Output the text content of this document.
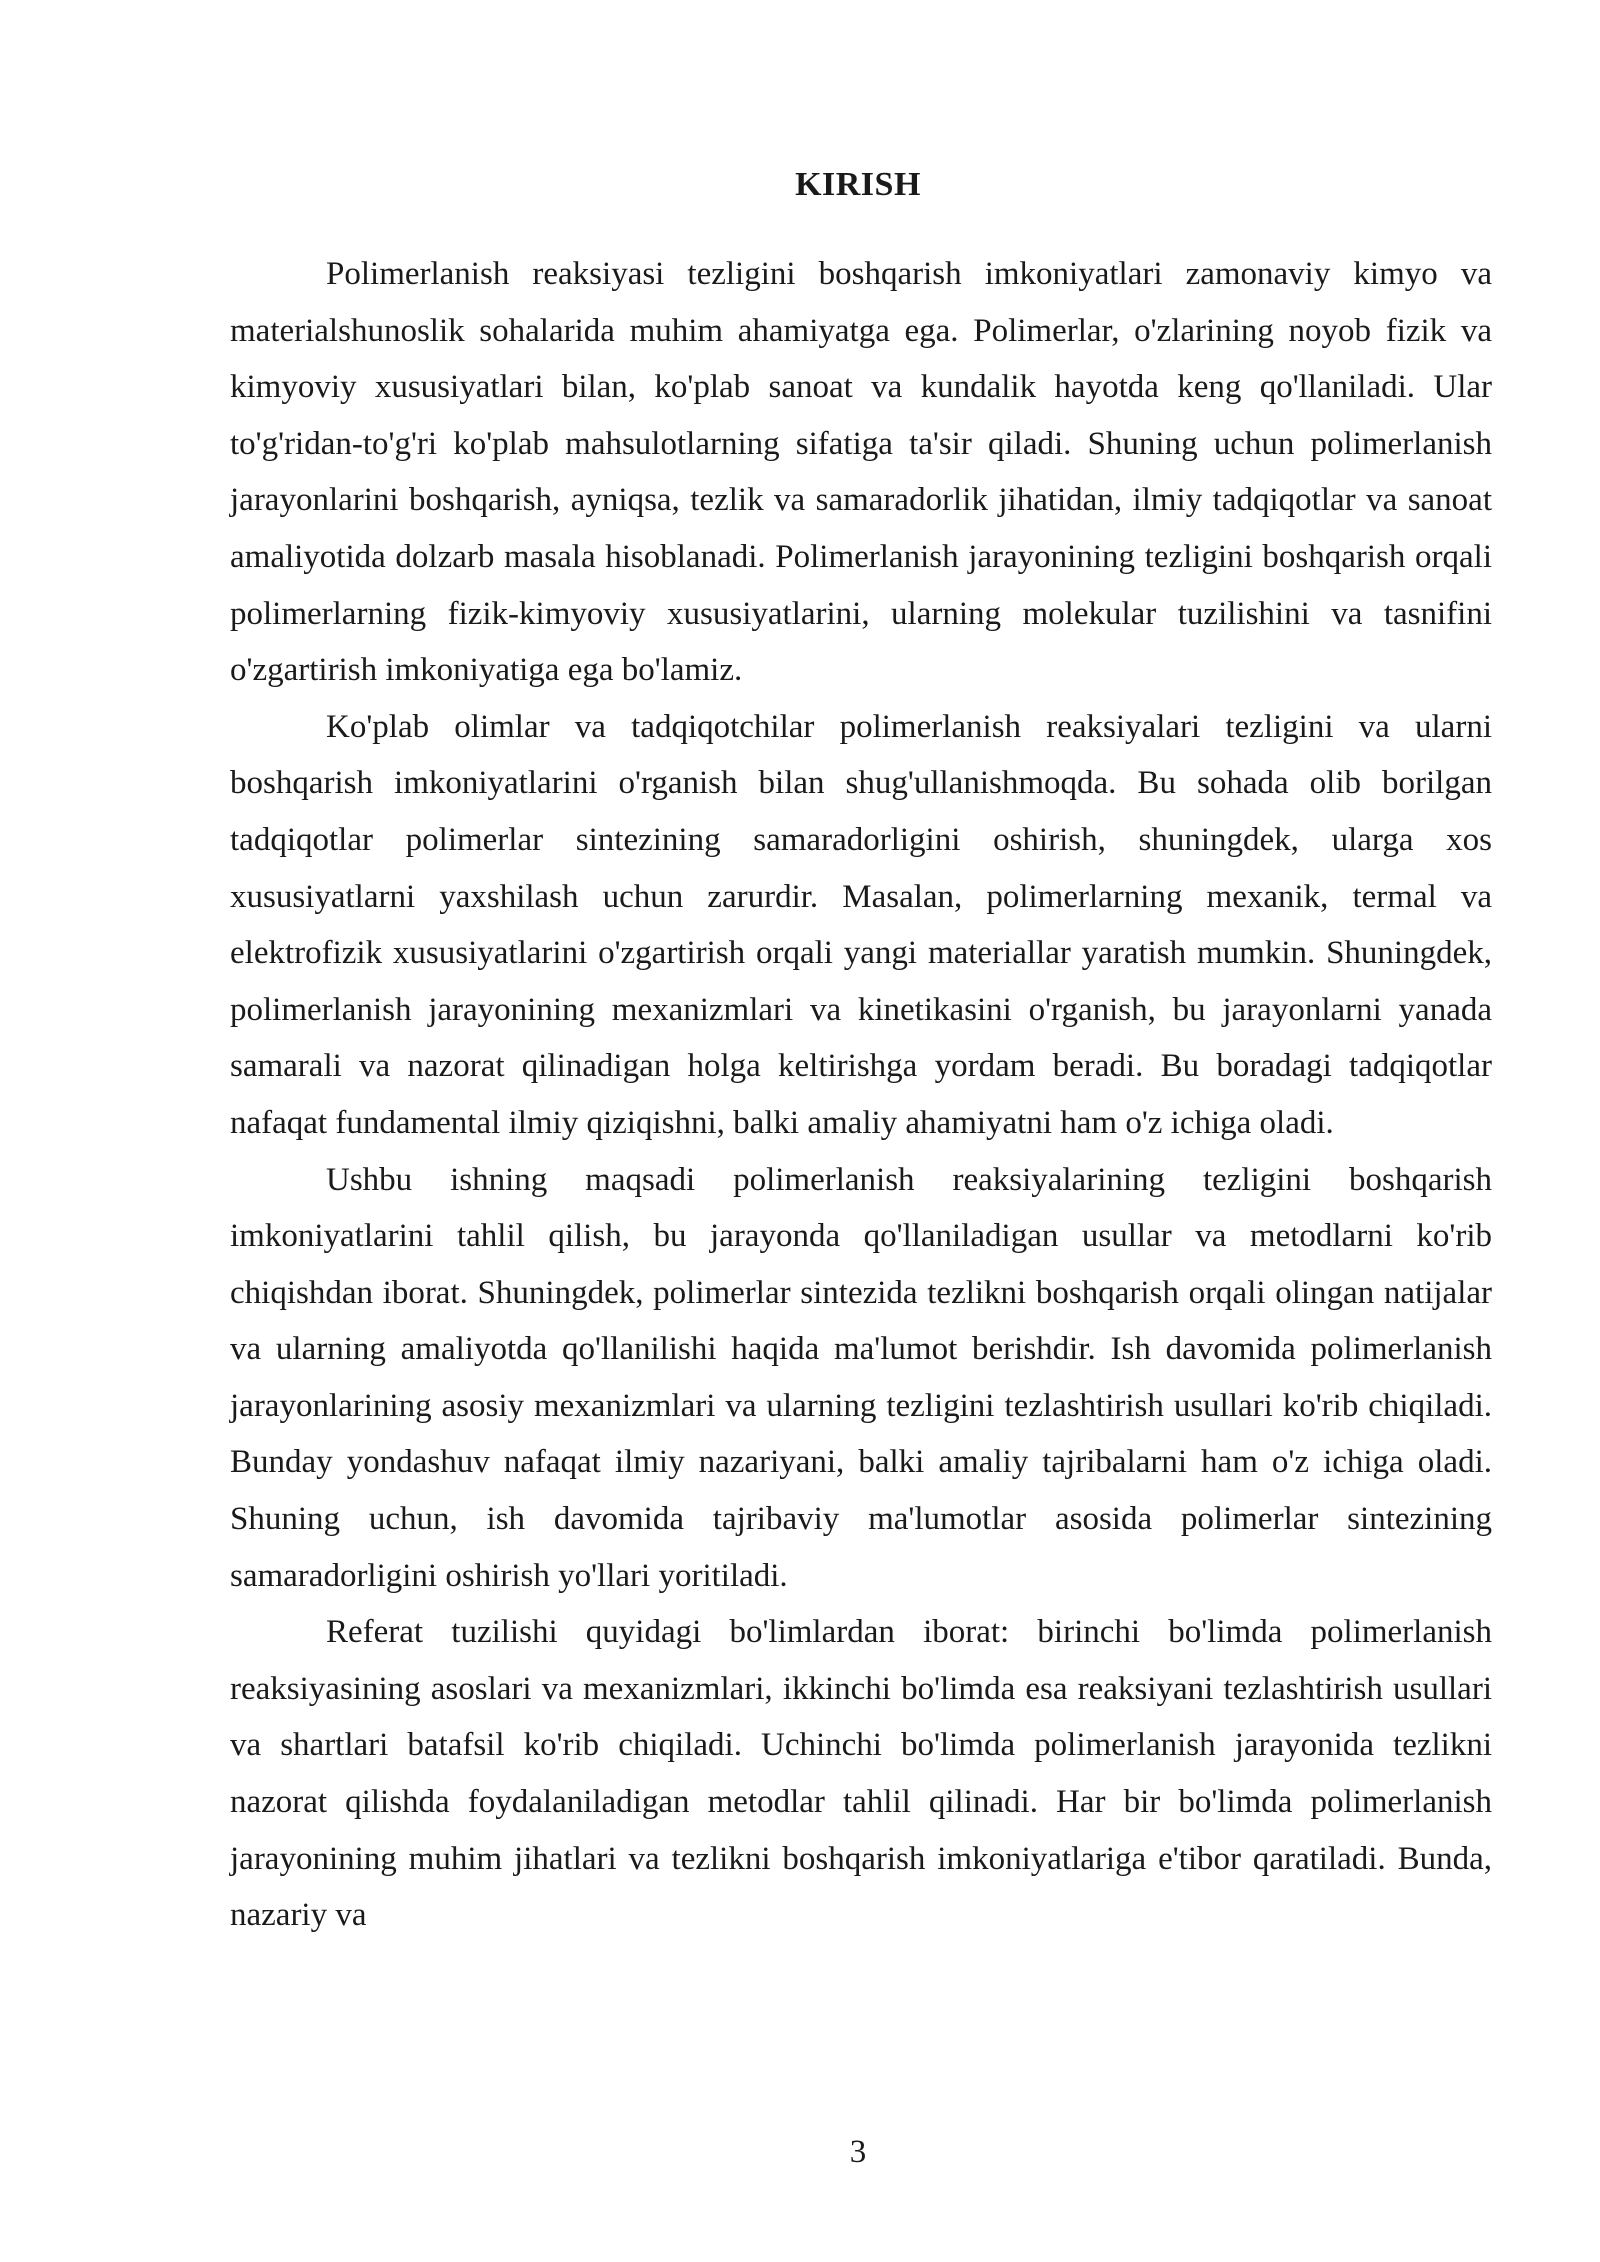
KIRISH

Polimerlanish reaksiyasi tezligini boshqarish imkoniyatlari zamonaviy kimyo va materialshunoslik sohalarida muhim ahamiyatga ega. Polimerlar, o'zlarining noyob fizik va kimyoviy xususiyatlari bilan, ko'plab sanoat va kundalik hayotda keng qo'llaniladi. Ular to'g'ridan-to'g'ri ko'plab mahsulotlarning sifatiga ta'sir qiladi. Shuning uchun polimerlanish jarayonlarini boshqarish, ayniqsa, tezlik va samaradorlik jihatidan, ilmiy tadqiqotlar va sanoat amaliyotida dolzarb masala hisoblanadi. Polimerlanish jarayonining tezligini boshqarish orqali polimerlarning fizik-kimyoviy xususiyatlarini, ularning molekular tuzilishini va tasnifini o'zgartirish imkoniyatiga ega bo'lamiz.

Ko'plab olimlar va tadqiqotchilar polimerlanish reaksiyalari tezligini va ularni boshqarish imkoniyatlarini o'rganish bilan shug'ullanishmoqda. Bu sohada olib borilgan tadqiqotlar polimerlar sintezining samaradorligini oshirish, shuningdek, ularga xos xususiyatlarni yaxshilash uchun zarurdir. Masalan, polimerlarning mexanik, termal va elektrofizik xususiyatlarini o'zgartirish orqali yangi materiallar yaratish mumkin. Shuningdek, polimerlanish jarayonining mexanizmlari va kinetikasini o'rganish, bu jarayonlarni yanada samarali va nazorat qilinadigan holga keltirishga yordam beradi. Bu boradagi tadqiqotlar nafaqat fundamental ilmiy qiziqishni, balki amaliy ahamiyatni ham o'z ichiga oladi.

Ushbu ishning maqsadi polimerlanish reaksiyalarining tezligini boshqarish imkoniyatlarini tahlil qilish, bu jarayonda qo'llaniladigan usullar va metodlarni ko'rib chiqishdan iborat. Shuningdek, polimerlar sintezida tezlikni boshqarish orqali olingan natijalar va ularning amaliyotda qo'llanilishi haqida ma'lumot berishdir. Ish davomida polimerlanish jarayonlarining asosiy mexanizmlari va ularning tezligini tezlashtirish usullari ko'rib chiqiladi. Bunday yondashuv nafaqat ilmiy nazariyani, balki amaliy tajribalarni ham o'z ichiga oladi. Shuning uchun, ish davomida tajribaviy ma'lumotlar asosida polimerlar sintezining samaradorligini oshirish yo'llari yoritiladi.

Referat tuzilishi quyidagi bo'limlardan iborat: birinchi bo'limda polimerlanish reaksiyasining asoslari va mexanizmlari, ikkinchi bo'limda esa reaksiyani tezlashtirish usullari va shartlari batafsil ko'rib chiqiladi. Uchinchi bo'limda polimerlanish jarayonida tezlikni nazorat qilishda foydalaniladigan metodlar tahlil qilinadi. Har bir bo'limda polimerlanish jarayonining muhim jihatlari va tezlikni boshqarish imkoniyatlariga e'tibor qaratiladi. Bunda, nazariy va

3
